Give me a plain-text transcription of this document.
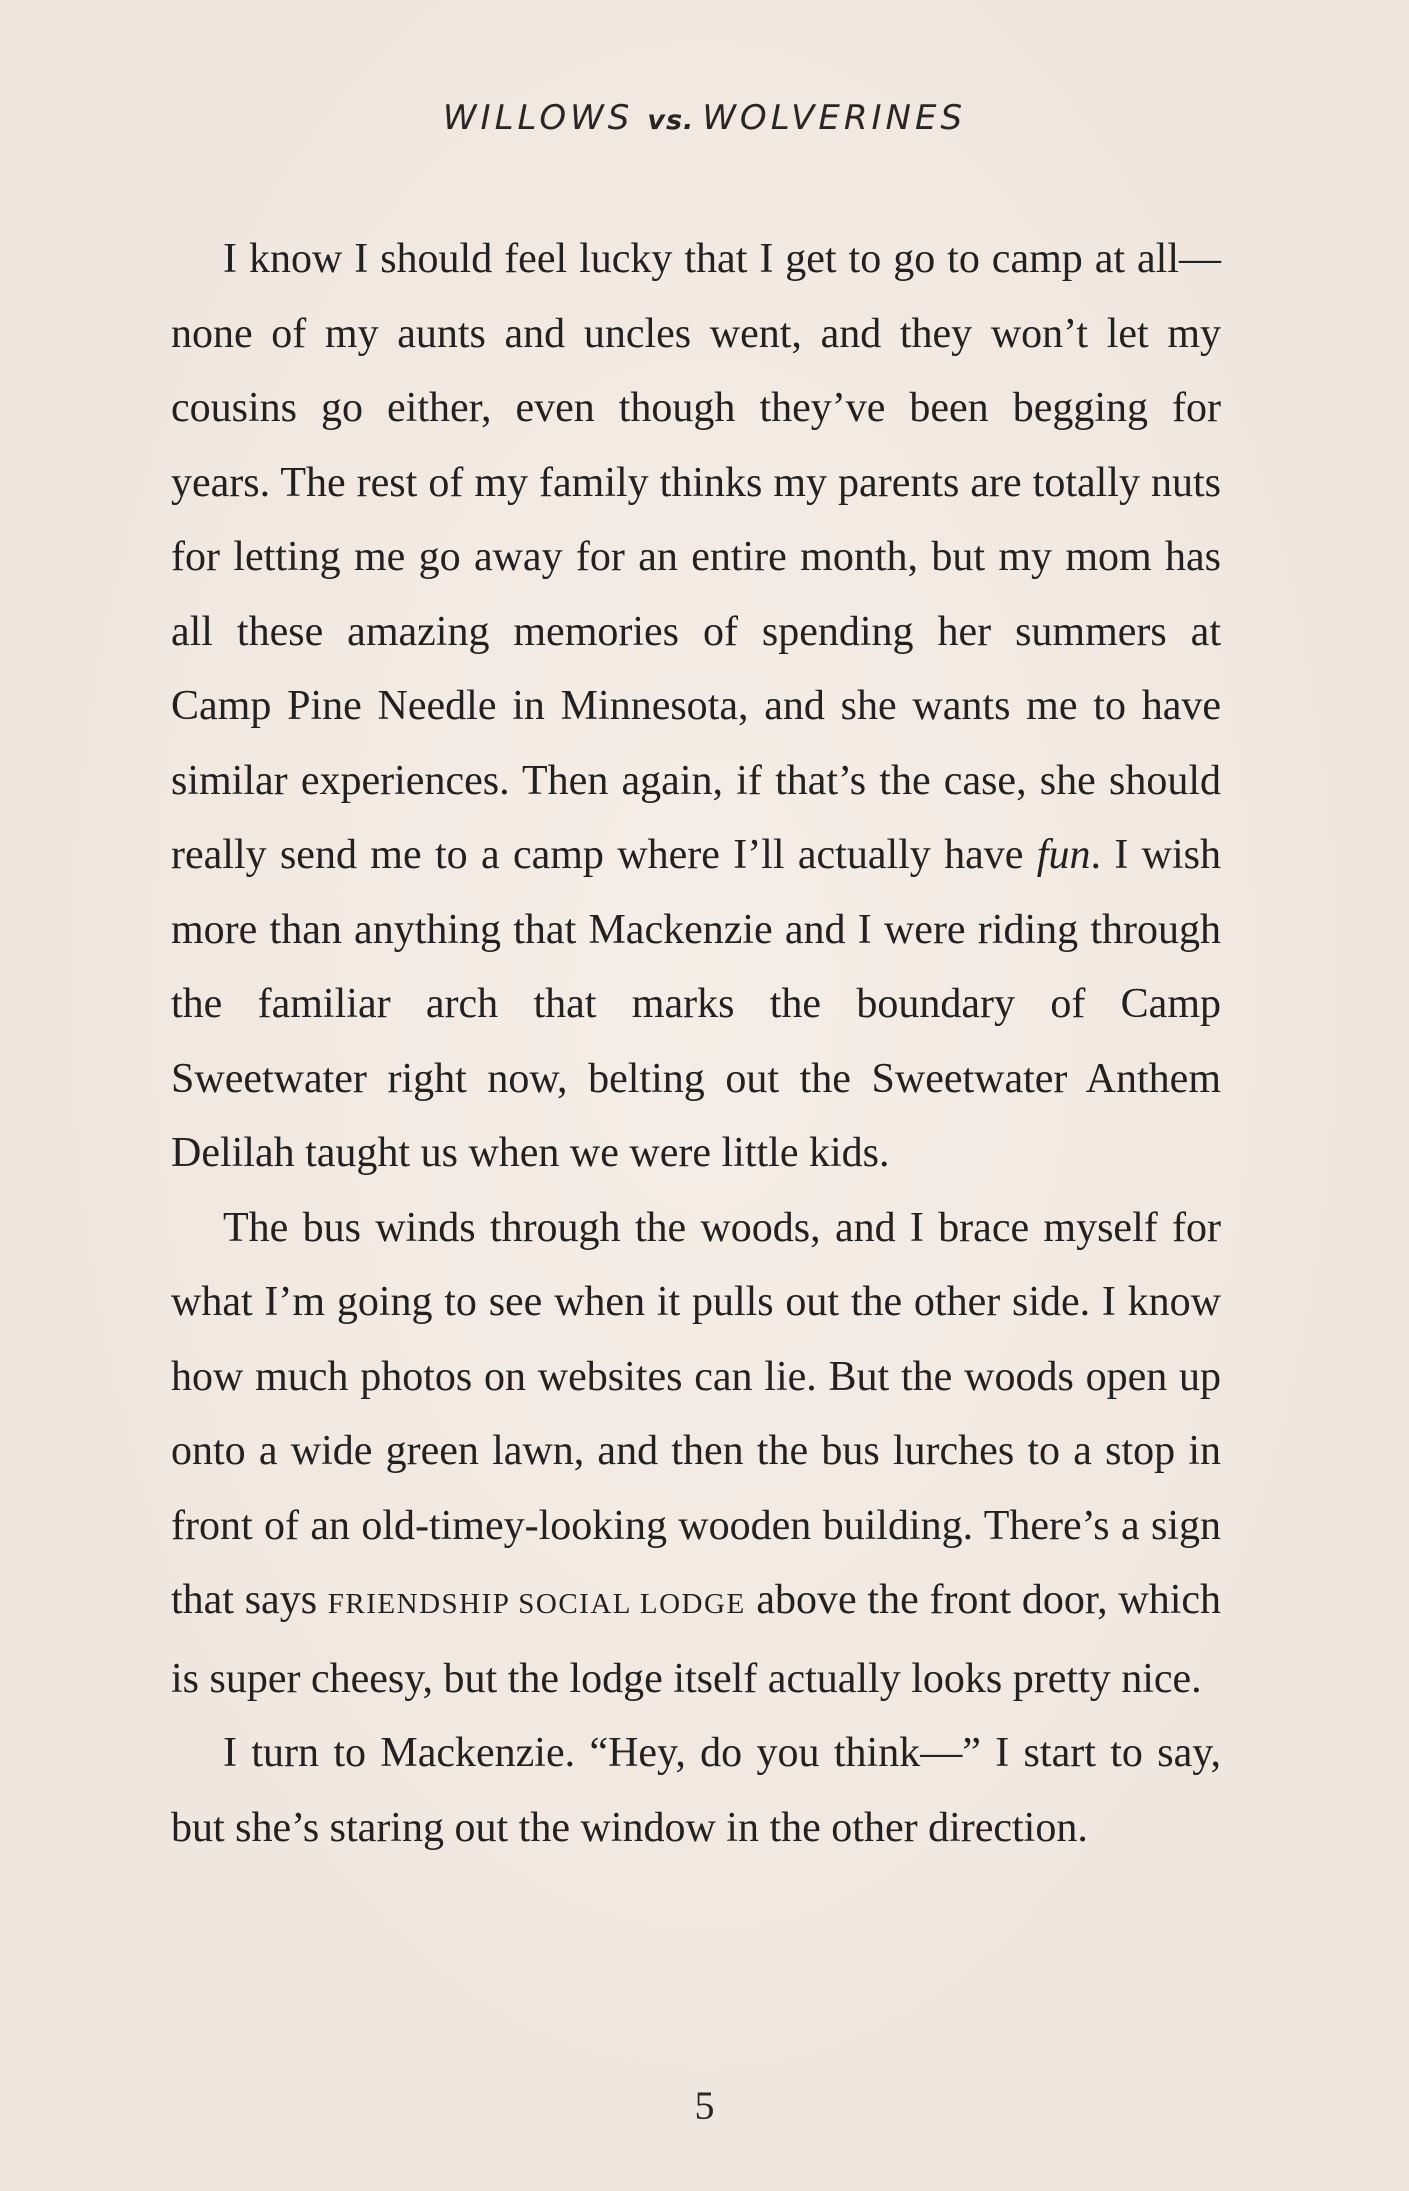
WILLOWS vs. WOLVERINES

I know I should feel lucky that I get to go to camp at all—none of my aunts and uncles went, and they won’t let my cousins go either, even though they’ve been begging for years. The rest of my family thinks my parents are totally nuts for letting me go away for an entire month, but my mom has all these amazing memories of spending her summers at Camp Pine Needle in Minnesota, and she wants me to have similar experiences. Then again, if that’s the case, she should really send me to a camp where I’ll actually have fun. I wish more than anything that Mackenzie and I were riding through the familiar arch that marks the boundary of Camp Sweetwater right now, belting out the Sweetwater Anthem Delilah taught us when we were little kids.

The bus winds through the woods, and I brace myself for what I’m going to see when it pulls out the other side. I know how much photos on websites can lie. But the woods open up onto a wide green lawn, and then the bus lurches to a stop in front of an old-timey-looking wooden building. There’s a sign that says FRIENDSHIP SOCIAL LODGE above the front door, which is super cheesy, but the lodge itself actually looks pretty nice.

I turn to Mackenzie. “Hey, do you think—” I start to say, but she’s staring out the window in the other direction.

5
